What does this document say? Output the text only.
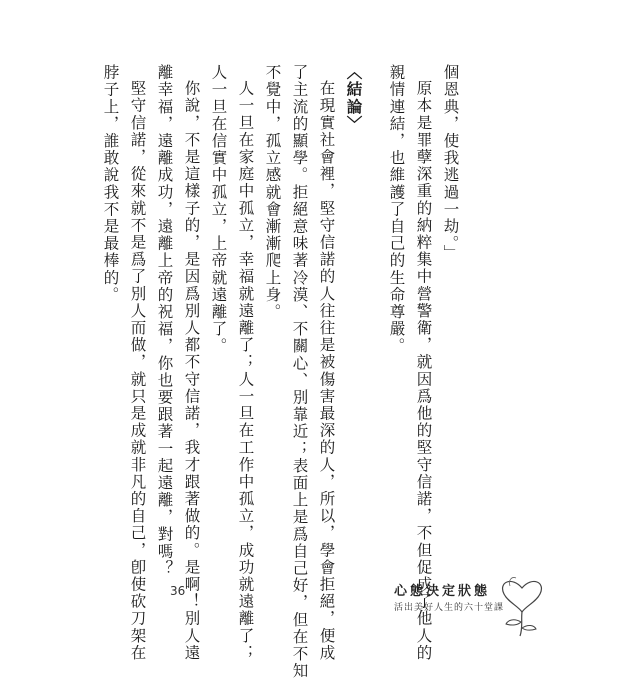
個恩典，使我逃過一劫。」
原本是罪孽深重的納粹集中營警衛，就因爲他的堅守信諾，不但促成了他人的
親情連結，也維護了自己的生命尊嚴。
〈結論〉
在現實社會裡，堅守信諾的人往往是被傷害最深的人，所以，學會拒絕，便成
了主流的顯學。拒絕意味著冷漠、不關心、別靠近；表面上是爲自己好，但在不知
不覺中，孤立感就會漸漸爬上身。
人一旦在家庭中孤立，幸福就遠離了；人一旦在工作中孤立，成功就遠離了；
人一旦在信實中孤立，上帝就遠離了。
你說，不是這樣子的，是因爲別人都不守信諾，我才跟著做的。是啊！別人遠
離幸福，遠離成功，遠離上帝的祝福，你也要跟著一起遠離，對嗎？
堅守信諾，從來就不是爲了別人而做，就只是成就非凡的自己，卽使砍刀架在
脖子上，誰敢說我不是最棒的。
36	心態決定狀態
活出美好人生的六十堂課
